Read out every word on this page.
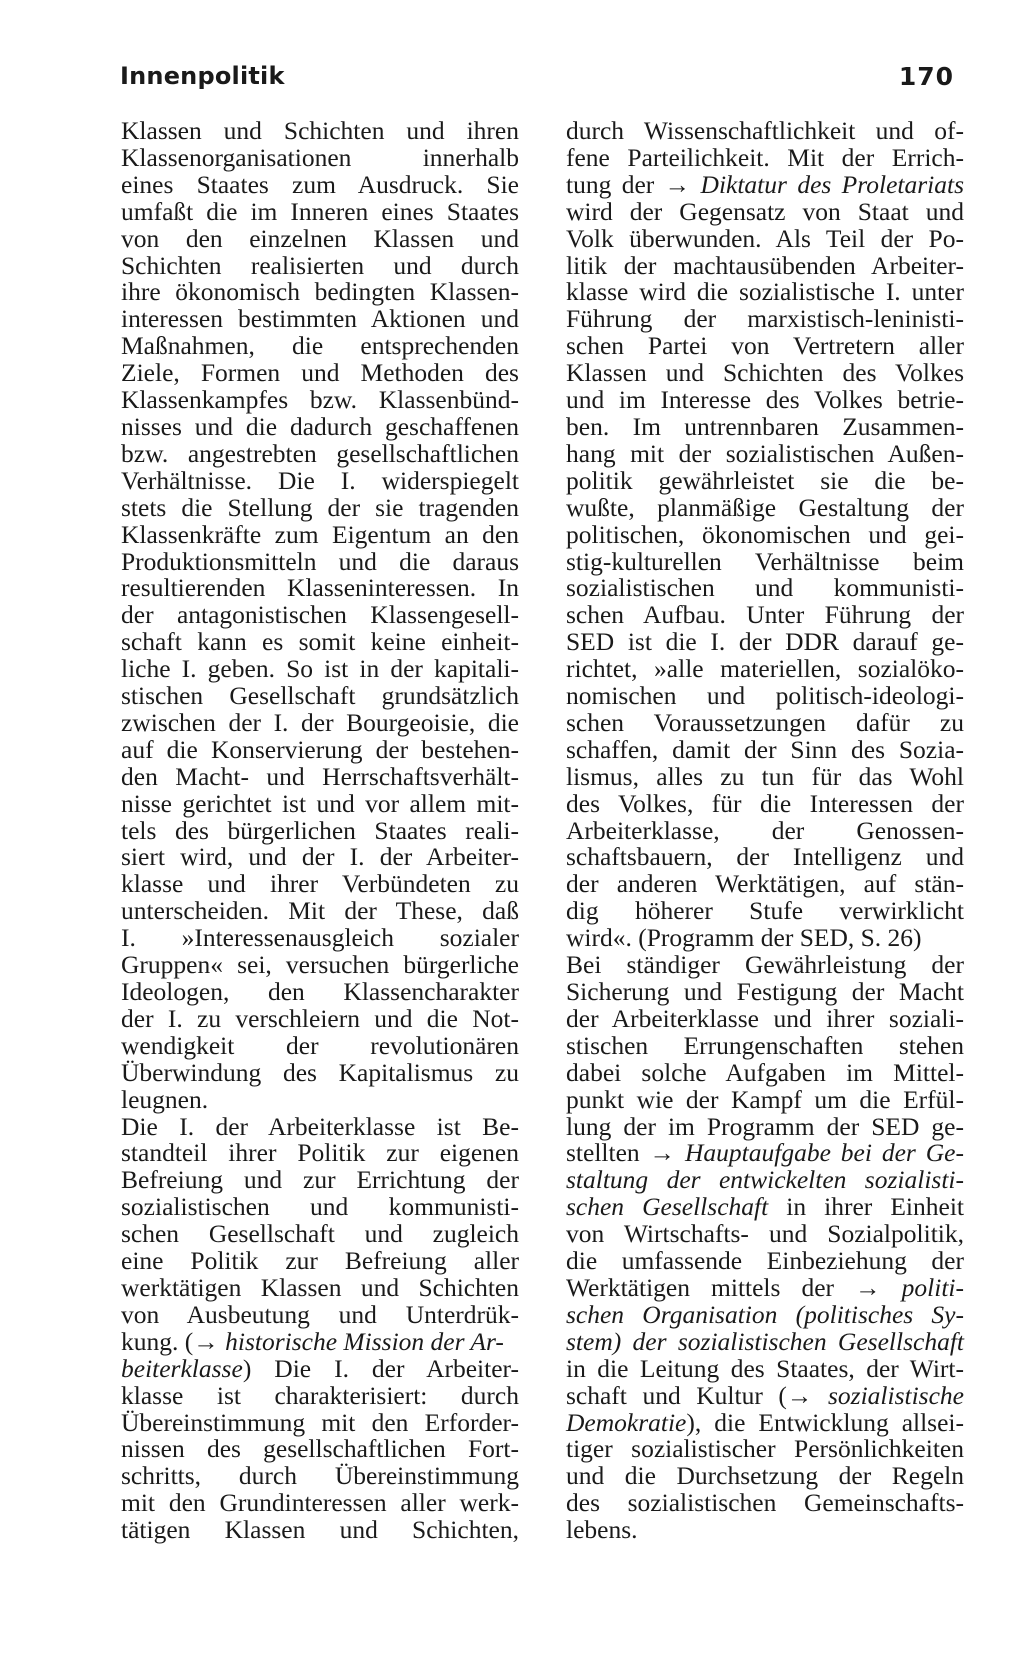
Innenpolitik	170
Klassen und Schichten und ihren
Klassenorganisationen innerhalb
eines Staates zum Ausdruck. Sie
umfaßt die im Inneren eines Staates
von den einzelnen Klassen und
Schichten realisierten und durch
ihre ökonomisch bedingten Klassen-
interessen bestimmten Aktionen und
Maßnahmen, die entsprechenden
Ziele, Formen und Methoden des
Klassenkampfes bzw. Klassenbünd-
nisses und die dadurch geschaffenen
bzw. angestrebten gesellschaftlichen
Verhältnisse. Die I. widerspiegelt
stets die Stellung der sie tragenden
Klassenkräfte zum Eigentum an den
Produktionsmitteln und die daraus
resultierenden Klasseninteressen. In
der antagonistischen Klassengesell-
schaft kann es somit keine einheit-
liche I. geben. So ist in der kapitali-
stischen Gesellschaft grundsätzlich
zwischen der I. der Bourgeoisie, die
auf die Konservierung der bestehen-
den Macht- und Herrschaftsverhält-
nisse gerichtet ist und vor allem mit-
tels des bürgerlichen Staates reali-
siert wird, und der I. der Arbeiter-
klasse und ihrer Verbündeten zu
unterscheiden. Mit der These, daß
I. »Interessenausgleich sozialer
Gruppen« sei, versuchen bürgerliche
Ideologen, den Klassencharakter
der I. zu verschleiern und die Not-
wendigkeit der revolutionären
Überwindung des Kapitalismus zu
leugnen.
Die I. der Arbeiterklasse ist Be-
standteil ihrer Politik zur eigenen
Befreiung und zur Errichtung der
sozialistischen und kommunisti-
schen Gesellschaft und zugleich
eine Politik zur Befreiung aller
werktätigen Klassen und Schichten
von Ausbeutung und Unterdrük-
kung. (→ historische Mission der Ar-
beiterklasse) Die I. der Arbeiter-
klasse ist charakterisiert: durch
Übereinstimmung mit den Erforder-
nissen des gesellschaftlichen Fort-
schritts, durch Übereinstimmung
mit den Grundinteressen aller werk-
tätigen Klassen und Schichten,
durch Wissenschaftlichkeit und of-
fene Parteilichkeit. Mit der Errich-
tung der → Diktatur des Proletariats
wird der Gegensatz von Staat und
Volk überwunden. Als Teil der Po-
litik der machtausübenden Arbeiter-
klasse wird die sozialistische I. unter
Führung der marxistisch-leninisti-
schen Partei von Vertretern aller
Klassen und Schichten des Volkes
und im Interesse des Volkes betrie-
ben. Im untrennbaren Zusammen-
hang mit der sozialistischen Außen-
politik gewährleistet sie die be-
wußte, planmäßige Gestaltung der
politischen, ökonomischen und gei-
stig-kulturellen Verhältnisse beim
sozialistischen und kommunisti-
schen Aufbau. Unter Führung der
SED ist die I. der DDR darauf ge-
richtet, »alle materiellen, sozialöko-
nomischen und politisch-ideologi-
schen Voraussetzungen dafür zu
schaffen, damit der Sinn des Sozia-
lismus, alles zu tun für das Wohl
des Volkes, für die Interessen der
Arbeiterklasse, der Genossen-
schaftsbauern, der Intelligenz und
der anderen Werktätigen, auf stän-
dig höherer Stufe verwirklicht
wird«. (Programm der SED, S. 26)
Bei ständiger Gewährleistung der
Sicherung und Festigung der Macht
der Arbeiterklasse und ihrer soziali-
stischen Errungenschaften stehen
dabei solche Aufgaben im Mittel-
punkt wie der Kampf um die Erfül-
lung der im Programm der SED ge-
stellten → Hauptaufgabe bei der Ge-
staltung der entwickelten sozialisti-
schen Gesellschaft in ihrer Einheit
von Wirtschafts- und Sozialpolitik,
die umfassende Einbeziehung der
Werktätigen mittels der → politi-
schen Organisation (politisches Sy-
stem) der sozialistischen Gesellschaft
in die Leitung des Staates, der Wirt-
schaft und Kultur (→ sozialistische
Demokratie), die Entwicklung allsei-
tiger sozialistischer Persönlichkeiten
und die Durchsetzung der Regeln
des sozialistischen Gemeinschafts-
lebens.
